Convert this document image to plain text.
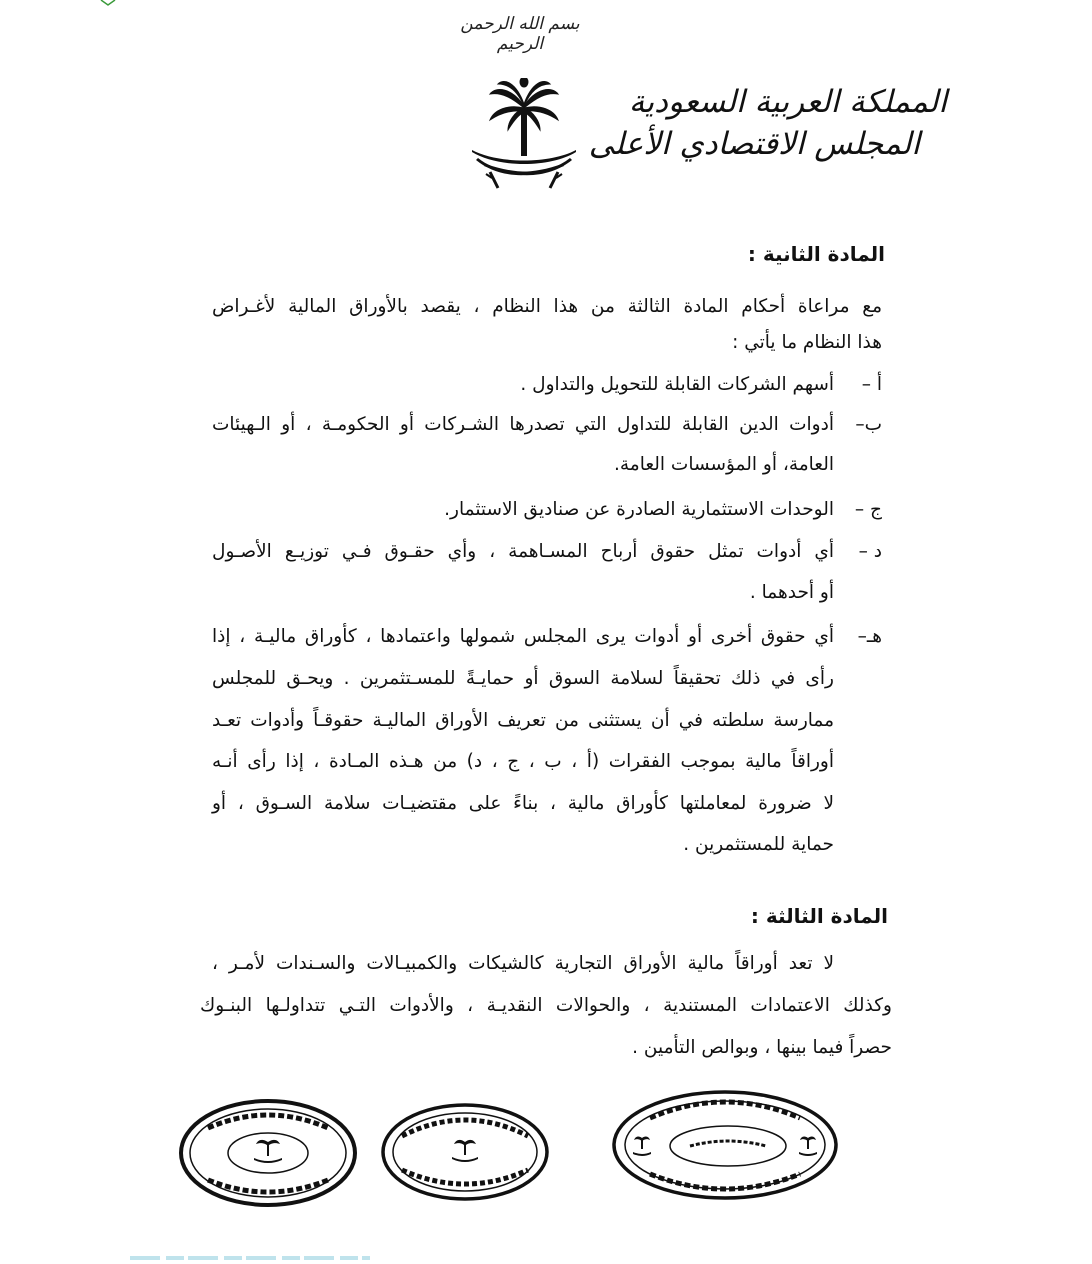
بسم الله الرحمن الرحيم
المملكة العربية السعودية
المجلس الاقتصادي الأعلى
المادة الثانية :
مع مراعاة أحكام المادة الثالثة من هذا النظام ، يقصد بالأوراق المالية لأغـراض
هذا النظام ما يأتي :
أ –
أسهم الشركات القابلة للتحويل والتداول .
ب–
أدوات الدين القابلة للتداول التي تصدرها الشـركات أو الحكومـة ، أو الـهيئات
العامة، أو المؤسسات العامة.
ج –
الوحدات الاستثمارية الصادرة عن صناديق الاستثمار.
د –
أي أدوات تمثل حقوق أرباح المسـاهمة ، وأي حقـوق فـي توزيـع الأصـول
أو أحدهما .
هـ–
أي حقوق أخرى أو أدوات يرى المجلس شمولها واعتمادها ، كأوراق ماليـة ، إذا
رأى في ذلك تحقيقاً لسلامة السوق أو حمايـةً للمسـتثمرين . ويحـق للمجلس
ممارسة سلطته في أن يستثنى من تعريف الأوراق الماليـة حقوقـاً وأدوات تعـد
أوراقاً مالية بموجب الفقرات (أ ، ب ، ج ، د) من هـذه المـادة ، إذا رأى أنـه
لا ضرورة لمعاملتها كأوراق مالية ، بناءً على مقتضيـات سلامة السـوق ، أو
حماية للمستثمرين .
المادة الثالثة :
لا تعد أوراقاً مالية الأوراق التجارية كالشيكات والكمبيـالات والسـندات لأمـر ،
وكذلك الاعتمادات المستندية ، والحوالات النقديـة ، والأدوات التـي تتداولـها البنـوك
حصراً فيما بينها ، وبوالص التأمين .
